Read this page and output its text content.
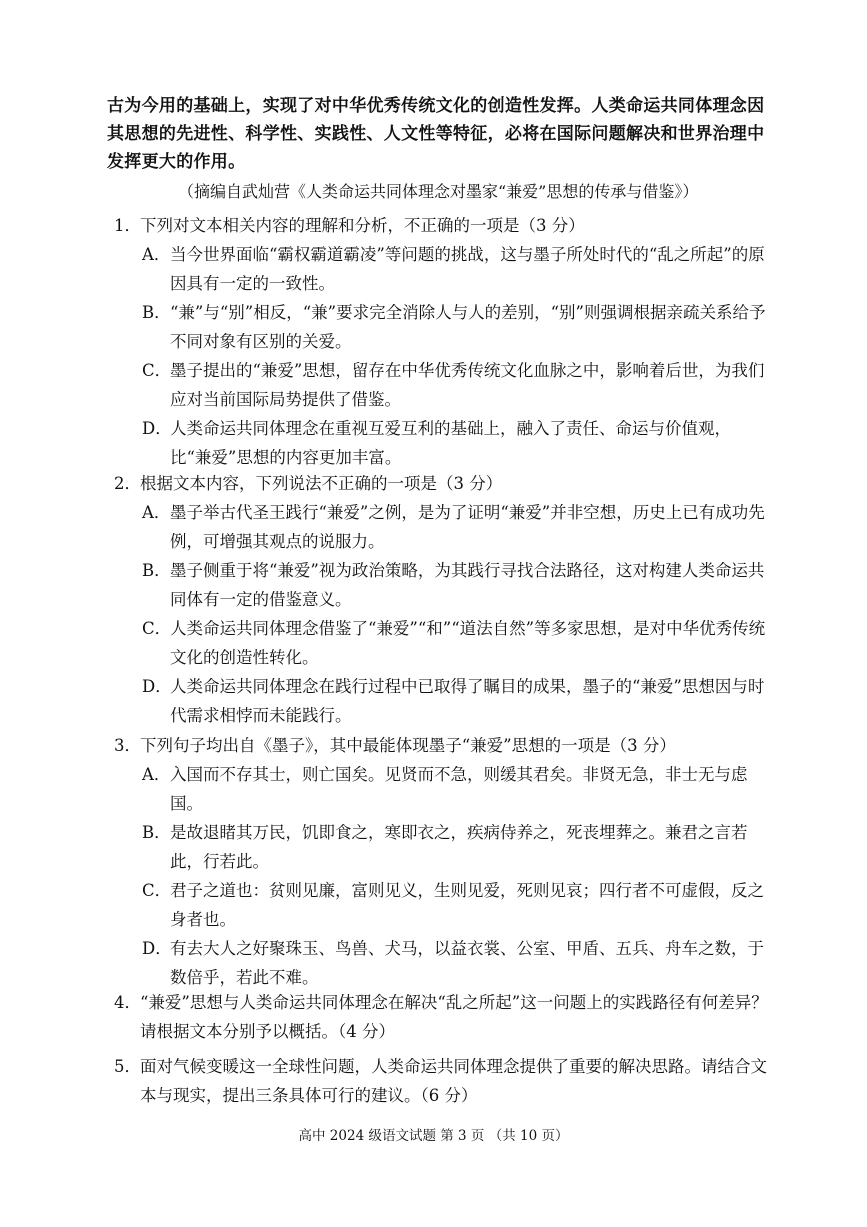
古为今用的基础上，实现了对中华优秀传统文化的创造性发挥。人类命运共同体理念因其思想的先进性、科学性、实践性、人文性等特征，必将在国际问题解决和世界治理中发挥更大的作用。

（摘编自武灿营《人类命运共同体理念对墨家“兼爱”思想的传承与借鉴》）

1． 下列对文本相关内容的理解和分析，不正确的一项是（3 分）
A． 当今世界面临“霸权霸道霸凌”等问题的挑战，这与墨子所处时代的“乱之所起”的原因具有一定的一致性。
B． “兼”与“别”相反，“兼”要求完全消除人与人的差别，“别”则强调根据亲疏关系给予不同对象有区别的关爱。
C．
墨子提出的“兼爱”思想，留存在中华优秀传统文化血脉之中，影响着后世，为我们应对当前国际局势提供了借鉴。
D．
人类命运共同体理念在重视互爱互利的基础上，融入了责任、命运与价值观，比“兼爱”思想的内容更加丰富。
2． 根据文本内容，下列说法不正确的一项是（3 分）
A． 墨子举古代圣王践行“兼爱”之例，是为了证明“兼爱”并非空想，历史上已有成功先例，可增强其观点的说服力。
B． 墨子侧重于将“兼爱”视为政治策略，为其践行寻找合法路径，这对构建人类命运共同体有一定的借鉴意义。
C．
人类命运共同体理念借鉴了“兼爱”“和”“道法自然”等多家思想，是对中华优秀传统文化的创造性转化。
D．
人类命运共同体理念在践行过程中已取得了瞩目的成果，墨子的“兼爱”思想因与时代需求相悖而未能践行。
3． 下列句子均出自《墨子》，其中最能体现墨子“兼爱”思想的一项是（3 分）
A． 入国而不存其士，则亡国矣。见贤而不急，则缓其君矣。非贤无急，非士无与虑国。
B． 是故退睹其万民，饥即食之，寒即衣之，疾病侍养之，死丧埋葬之。兼君之言若此，行若此。
C．
君子之道也：贫则见廉，富则见义，生则见爱，死则见哀；四行者不可虚假，反之身者也。
D．
有去大人之好聚珠玉、鸟兽、犬马，以益衣裳、公室、甲盾、五兵、舟车之数，于数倍乎，若此不难。
4． “兼爱”思想与人类命运共同体理念在解决“乱之所起”这一问题上的实践路径有何差异？请根据文本分别予以概括。（4 分）
5． 面对气候变暖这一全球性问题，人类命运共同体理念提供了重要的解决思路。请结合文本与现实，提出三条具体可行的建议。（6 分）
高中 2024 级语文试题 第 3 页 （共 10 页）
